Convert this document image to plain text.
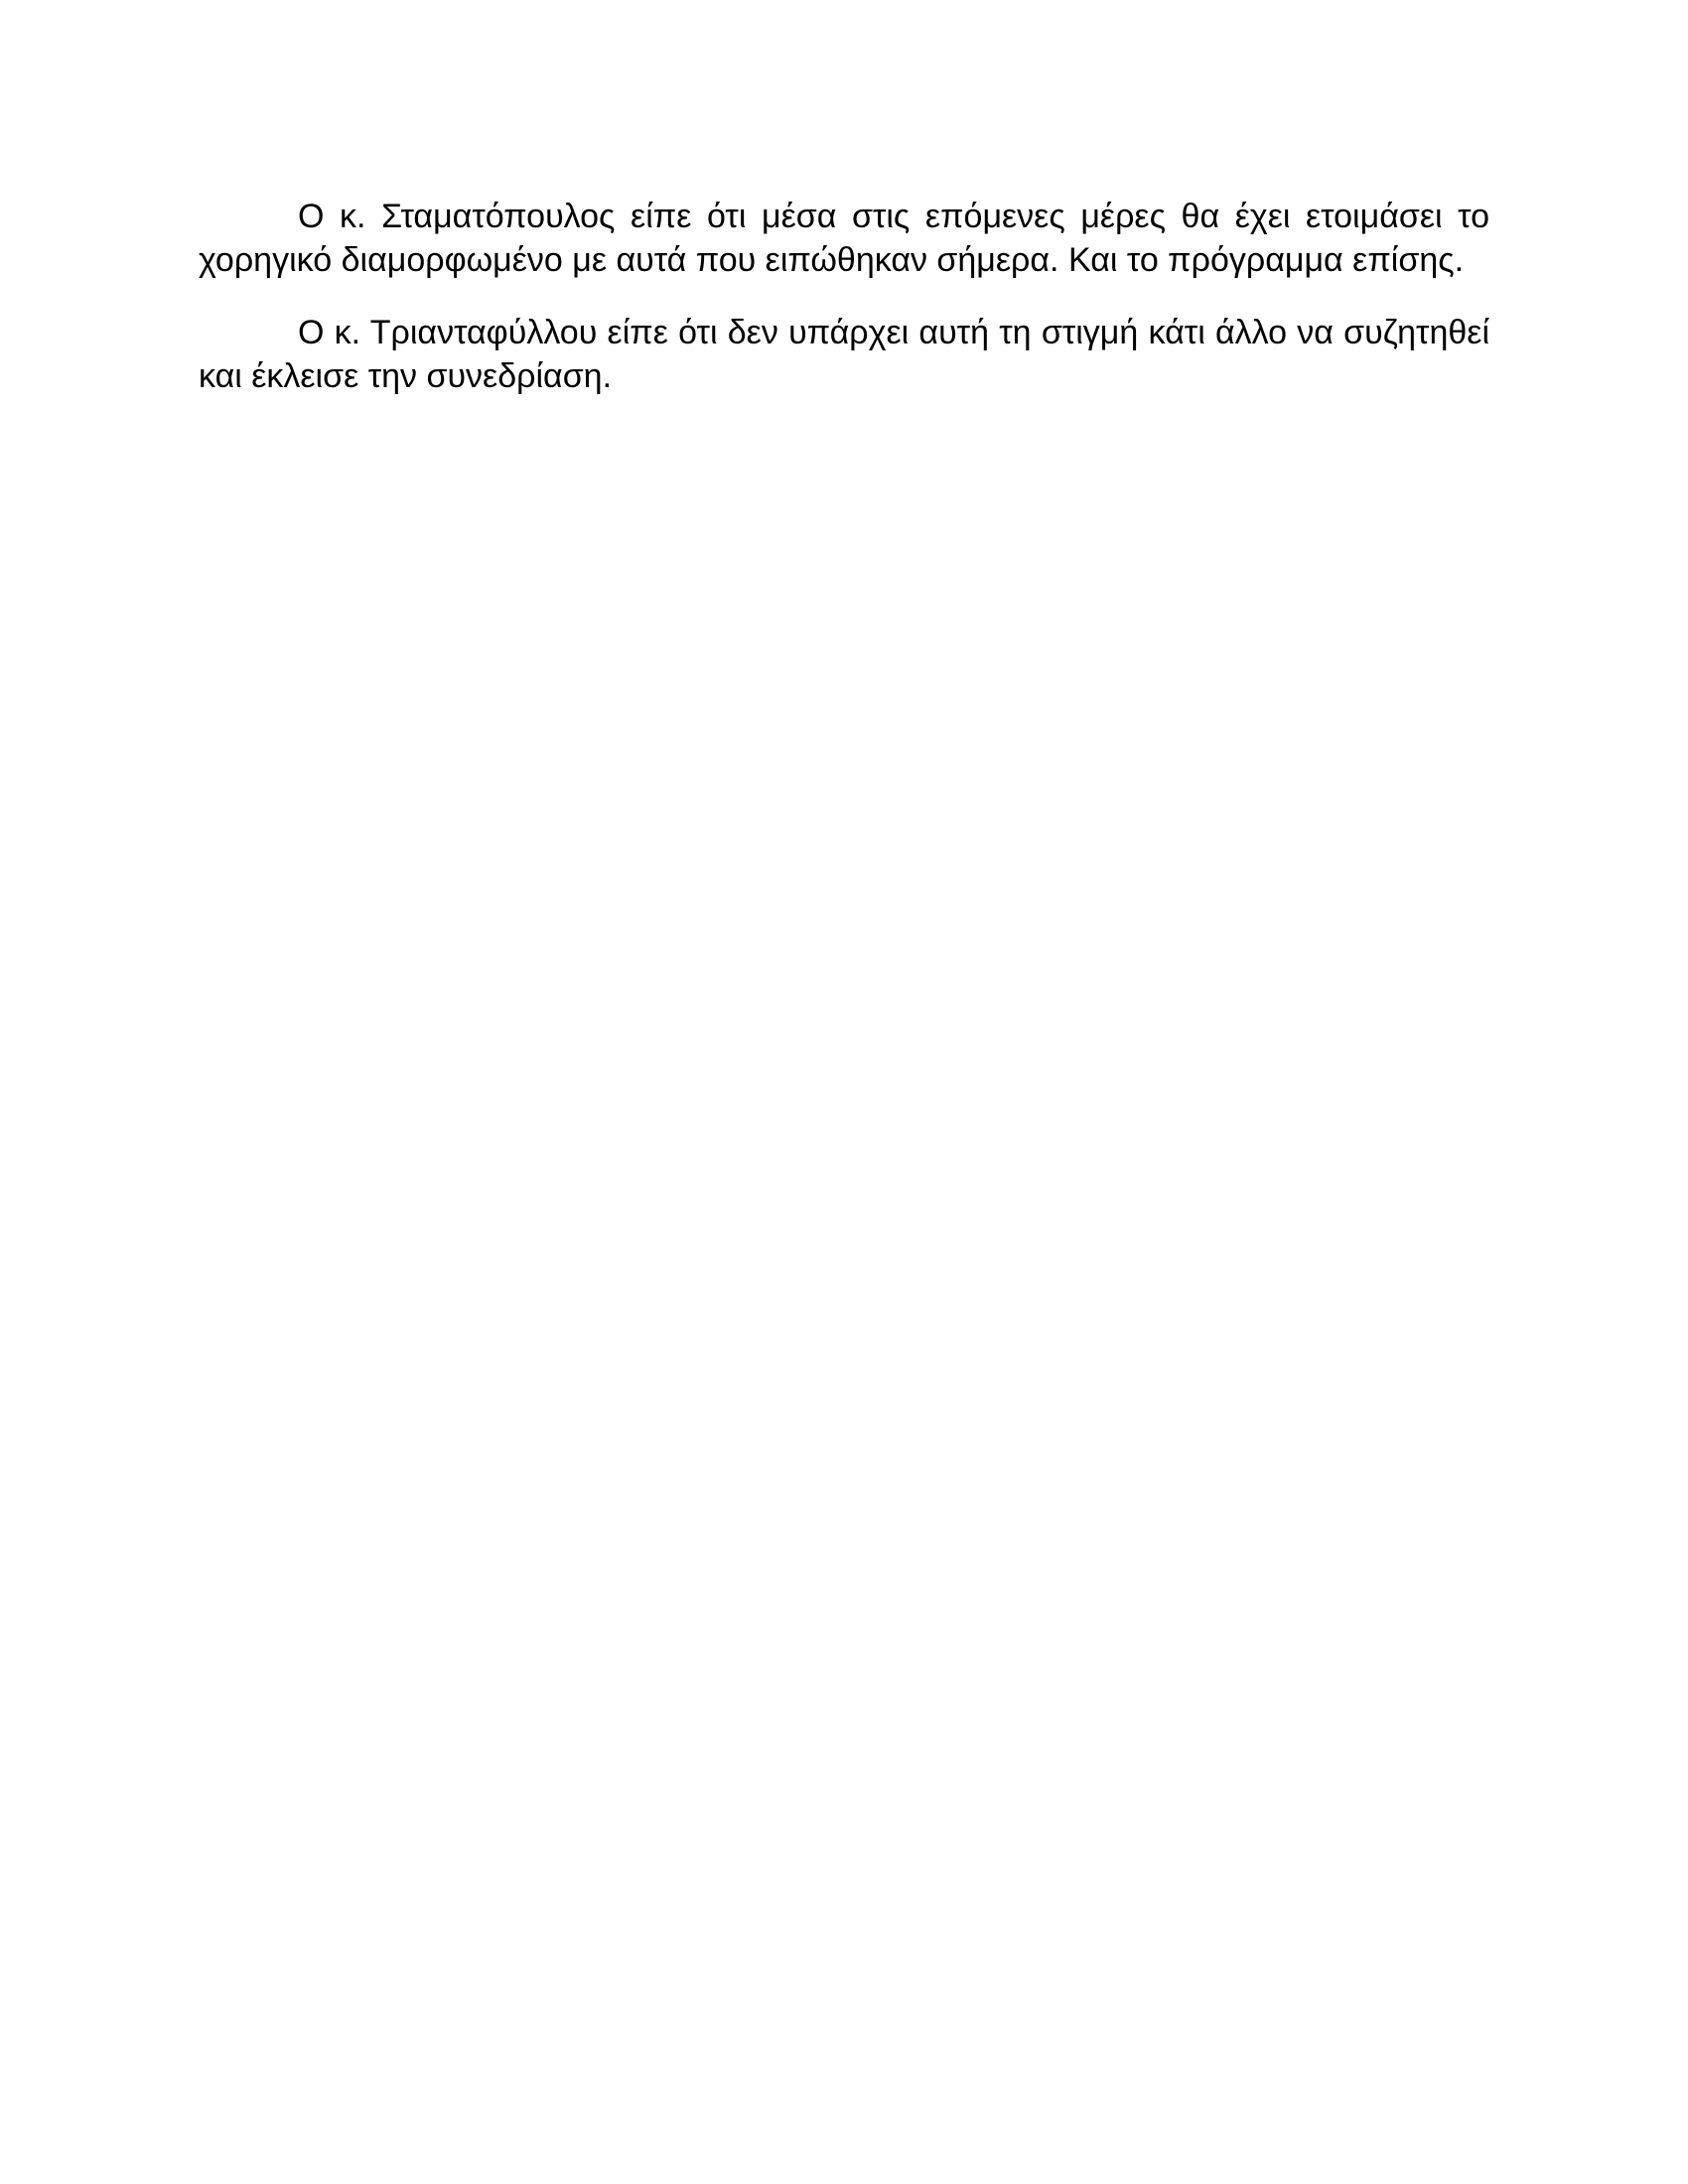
Ο κ. Σταματόπουλος είπε ότι μέσα στις επόμενες μέρες θα έχει ετοιμάσει το
χορηγικό διαμορφωμένο με αυτά που ειπώθηκαν σήμερα. Και το πρόγραμμα επίσης.
Ο κ. Τριανταφύλλου είπε ότι δεν υπάρχει αυτή τη στιγμή κάτι άλλο να συζητηθεί
και έκλεισε την συνεδρίαση.
